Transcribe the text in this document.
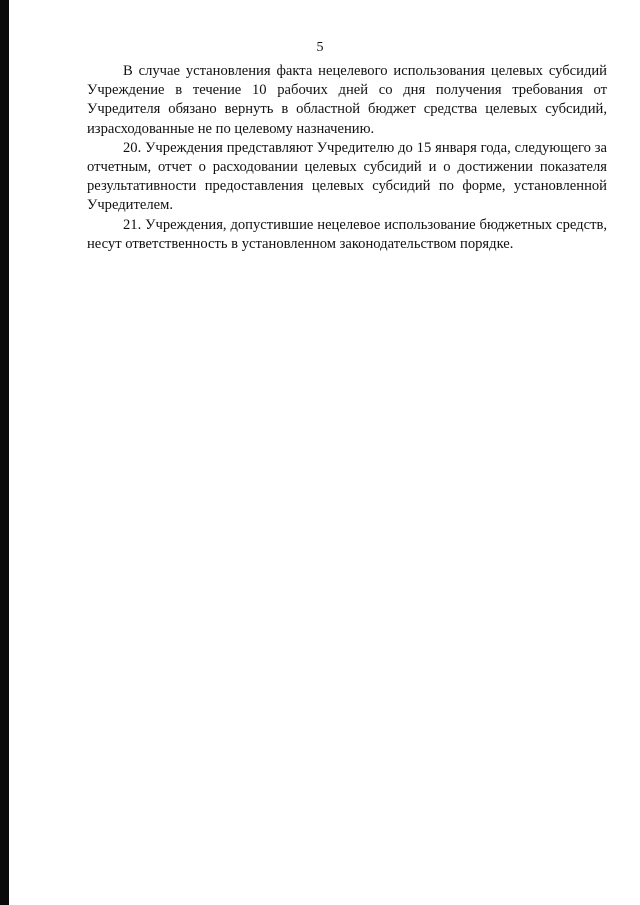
5

В случае установления факта нецелевого использования целевых субсидий Учреждение в течение 10 рабочих дней со дня получения требования от Учредителя обязано вернуть в областной бюджет средства целевых субсидий, израсходованные не по целевому назначению.

20. Учреждения представляют Учредителю до 15 января года, следующего за отчетным, отчет о расходовании целевых субсидий и о достижении показателя результативности предоставления целевых субсидий по форме, установленной Учредителем.

21. Учреждения, допустившие нецелевое использование бюджетных средств, несут ответственность в установленном законодательством порядке.
